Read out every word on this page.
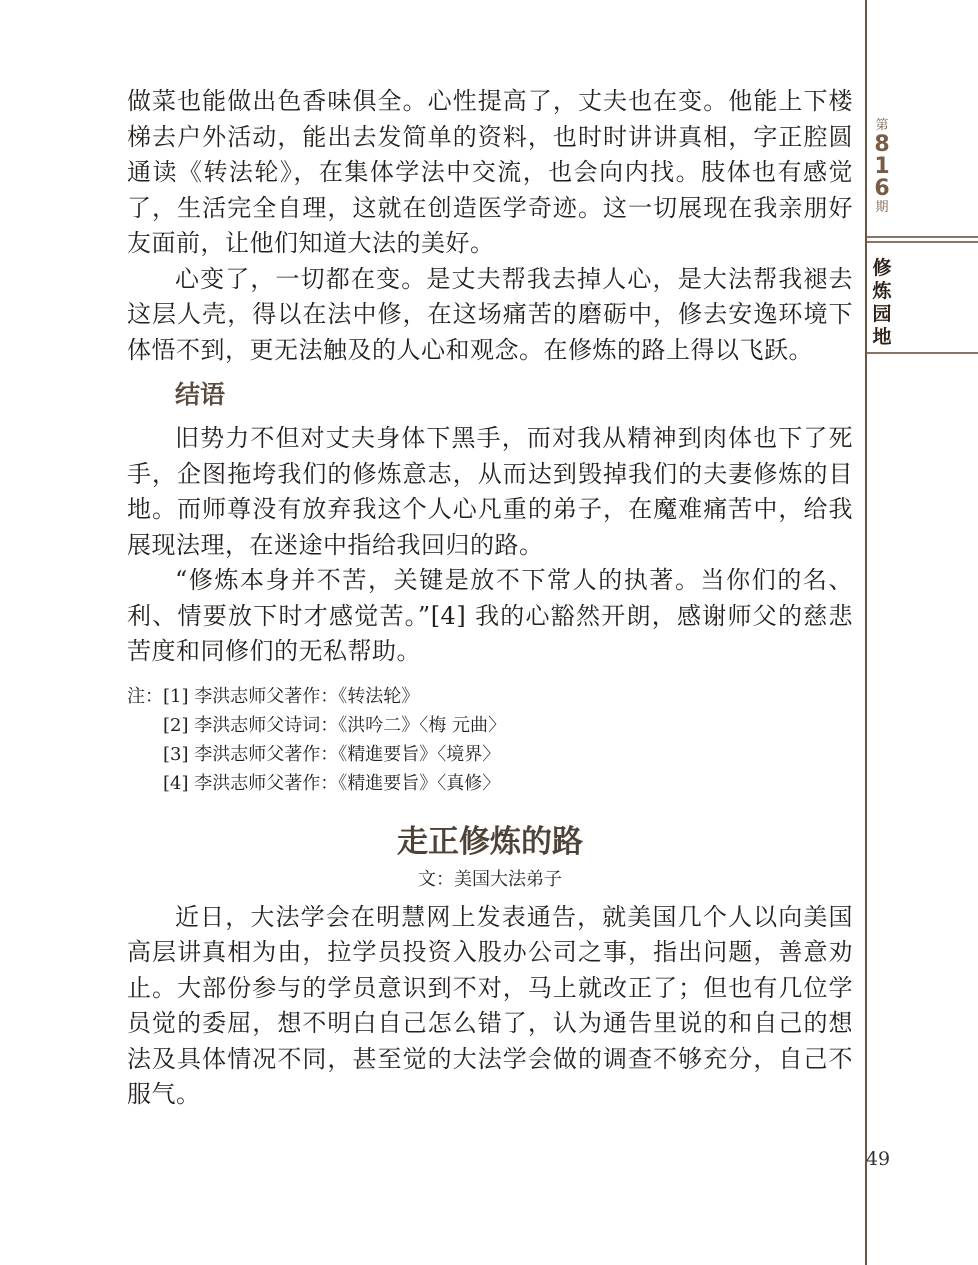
第
8
1
6
期
修
炼
园
地
49

做菜也能做出色香味俱全。心性提高了，丈夫也在变。他能上下楼梯去户外活动，能出去发简单的资料，也时时讲讲真相，字正腔圆通读《转法轮》，在集体学法中交流，也会向内找。肢体也有感觉了，生活完全自理，这就在创造医学奇迹。这一切展现在我亲朋好友面前，让他们知道大法的美好。

心变了，一切都在变。是丈夫帮我去掉人心，是大法帮我褪去这层人壳，得以在法中修，在这场痛苦的磨砺中，修去安逸环境下体悟不到，更无法触及的人心和观念。在修炼的路上得以飞跃。

结语

旧势力不但对丈夫身体下黑手，而对我从精神到肉体也下了死手，企图拖垮我们的修炼意志，从而达到毁掉我们的夫妻修炼的目地。而师尊没有放弃我这个人心凡重的弟子，在魔难痛苦中，给我展现法理，在迷途中指给我回归的路。

“修炼本身并不苦，关键是放不下常人的执著。当你们的名、利、情要放下时才感觉苦。”[4] 我的心豁然开朗，感谢师父的慈悲苦度和同修们的无私帮助。

注：[1] 李洪志师父著作：《转法轮》

[2] 李洪志师父诗词：《洪吟二》〈梅 元曲〉

[3] 李洪志师父著作：《精進要旨》〈境界〉

[4] 李洪志师父著作：《精進要旨》〈真修〉

走正修炼的路
文：美国大法弟子

近日，大法学会在明慧网上发表通告，就美国几个人以向美国高层讲真相为由，拉学员投资入股办公司之事，指出问题，善意劝止。大部份参与的学员意识到不对，马上就改正了；但也有几位学员觉的委屈，想不明白自己怎么错了，认为通告里说的和自己的想法及具体情况不同，甚至觉的大法学会做的调查不够充分，自己不服气。
